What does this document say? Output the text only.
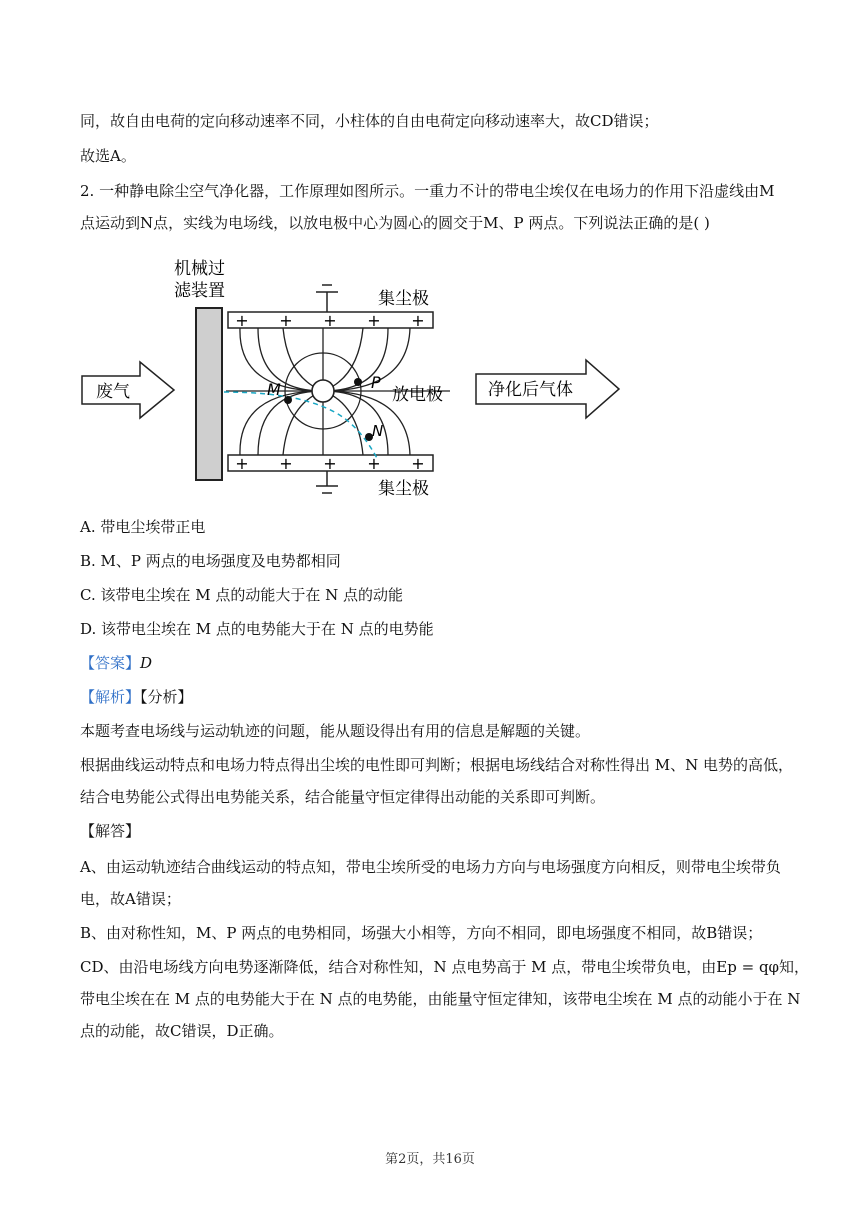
同，故自由电荷的定向移动速率不同，小柱体的自由电荷定向移动速率大，故CD错误；
故选A。
2. 一种静电除尘空气净化器，工作原理如图所示。一重力不计的带电尘埃仅在电场力的作用下沿虚线由M
点运动到N点，实线为电场线，以放电极中心为圆心的圆交于M、P 两点。下列说法正确的是( )
机械过
滤装置
+ + + + +
+ + + + +
集尘极
集尘极
M	P
N
放电极
废气	净化后气体
A. 带电尘埃带正电
B. M、P 两点的电场强度及电势都相同
C. 该带电尘埃在 M 点的动能大于在 N 点的动能
D. 该带电尘埃在 M 点的电势能大于在 N 点的电势能
【答案】D
【解析】【分析】
本题考查电场线与运动轨迹的问题，能从题设得出有用的信息是解题的关键。
根据曲线运动特点和电场力特点得出尘埃的电性即可判断；根据电场线结合对称性得出 M、N 电势的高低，
结合电势能公式得出电势能关系，结合能量守恒定律得出动能的关系即可判断。
【解答】
A、由运动轨迹结合曲线运动的特点知，带电尘埃所受的电场力方向与电场强度方向相反，则带电尘埃带负
电，故A错误；
B、由对称性知，M、P 两点的电势相同，场强大小相等，方向不相同，即电场强度不相同，故B错误；
CD、由沿电场线方向电势逐渐降低，结合对称性知，N 点电势高于 M 点，带电尘埃带负电，由Ep = qφ知，
带电尘埃在在 M 点的电势能大于在 N 点的电势能，由能量守恒定律知，该带电尘埃在 M 点的动能小于在 N
点的动能，故C错误，D正确。
第2页，共16页
